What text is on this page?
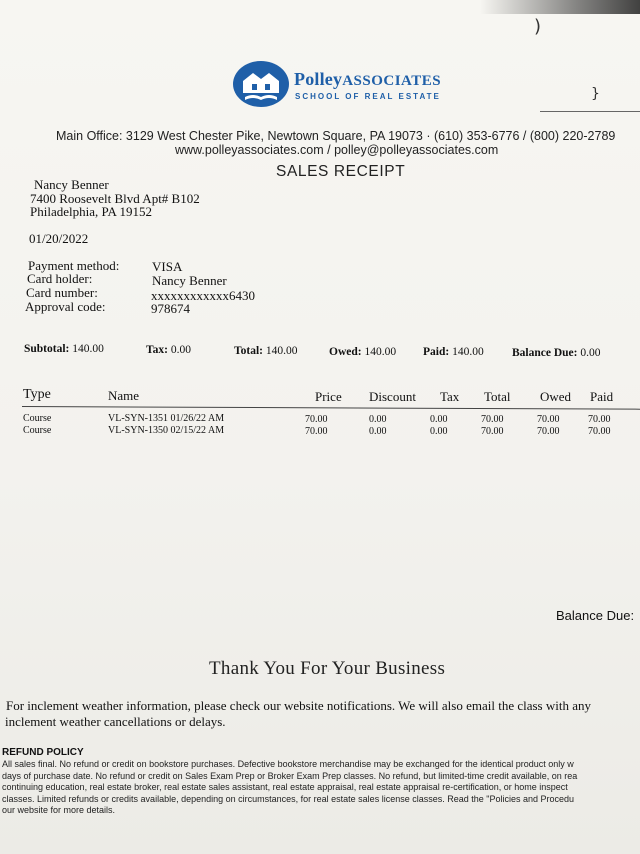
)
}
PolleyASSOCIATES
SCHOOL OF REAL ESTATE
Main Office: 3129 West Chester Pike, Newtown Square, PA 19073 · (610) 353-6776 / (800) 220-2789
www.polleyassociates.com / polley@polleyassociates.com
SALES RECEIPT
Nancy Benner
7400 Roosevelt Blvd Apt# B102
Philadelphia, PA 19152
01/20/2022
Payment method:	VISA
Card holder:	Nancy Benner
Card number:	xxxxxxxxxxxx6430
Approval code:	978674
Subtotal: 140.00	Tax: 0.00	Total: 140.00	Owed: 140.00 Paid: 140.00 Balance Due: 0.00
Type	Name	Price Discount Tax Total Owed Paid
Course	VL-SYN-1351 01/26/22 AM	70.00	0.00	0.00	70.00	70.00	70.00
Course	VL-SYN-1350 02/15/22 AM	70.00	0.00	0.00	70.00	70.00	70.00
Balance Due:
Thank You For Your Business
For inclement weather information, please check our website notifications. We will also email the class with any
inclement weather cancellations or delays.
REFUND POLICY
All sales final. No refund or credit on bookstore purchases. Defective bookstore merchandise may be exchanged for the identical product only w
days of purchase date. No refund or credit on Sales Exam Prep or Broker Exam Prep classes. No refund, but limited-time credit available, on rea
continuing education, real estate broker, real estate sales assistant, real estate appraisal, real estate appraisal re-certification, or home inspect
classes. Limited refunds or credits available, depending on circumstances, for real estate sales license classes. Read the "Policies and Procedu
our website for more details.
